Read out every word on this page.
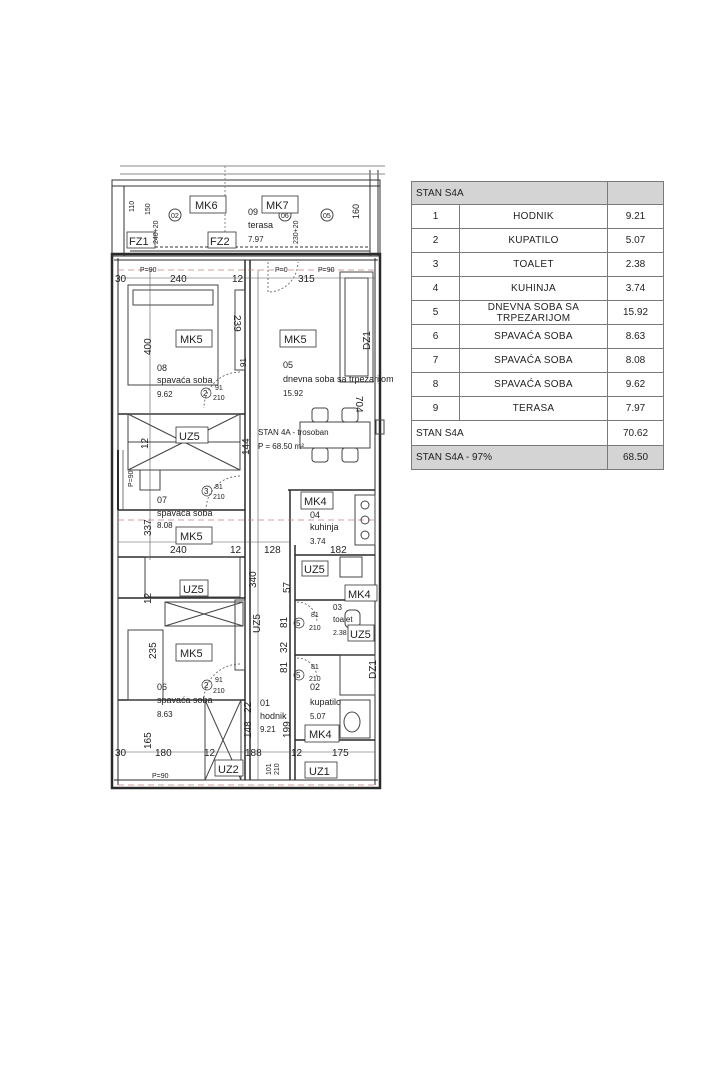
MK6	MK7
FZ1	FZ2
09
terasa
7.97
02	06	05 160
150
240+20	230+20
110
30	240	12	315
P=90	P=0	P=90
MK5	MK5
239
400	DZ1
704
08
spavaća soba
9.62	2
91
210
91	05
dnevna soba sa trpezarijom
15.92
UZ5	STAN 4A - trosoban
P = 68.50 m²
144
12
P=90
3 81
210
07
spavaća soba
8.08
337
MK5
MK4
04
kuhinja
3.74
240	12 128	182
UZ5
UZ5
340 57
MK4
12
5
81
210
03
toalet
2.38 UZ5
UZ5 81
32
235 MK5
81	DZ1
5
81
210
2
91
210
06
spavaća soba
8.63
02
kupatilo
5.07
01
hodnik
9.21
22
148	199
165	MK4
30	180	12	188	12	175
UZ2	UZ1
P=90
101 210
STAN S4A		
1	HODNIK	9.21
2	KUPATILO	5.07
3	TOALET	2.38
4	KUHINJA	3.74
5	DNEVNA SOBA SA TRPEZARIJOM	15.92
6	SPAVAĆA SOBA	8.63
7	SPAVAĆA SOBA	8.08
8	SPAVAĆA SOBA	9.62
9	TERASA	7.97
STAN S4A		70.62
STAN S4A - 97%		68.50
